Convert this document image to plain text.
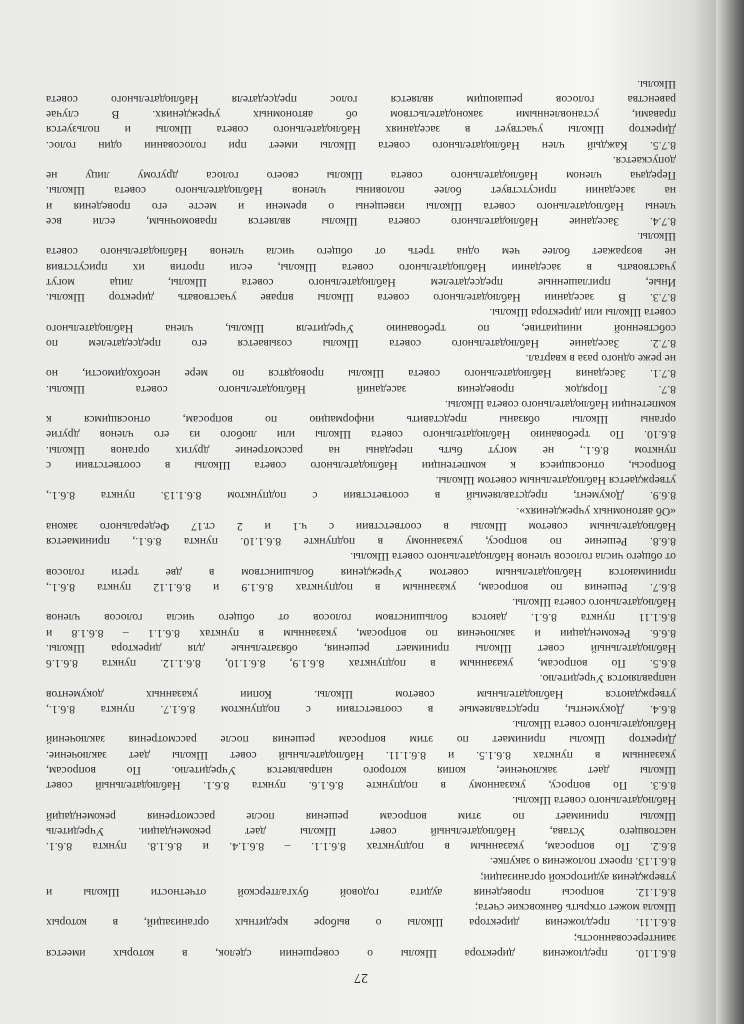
27
8.6.1.10. предложения директора Школы о совершении сделок, в которых имеется
заинтересованность;
8.6.1.11. предложения директора Школы о выборе кредитных организаций, в которых
Школа может открыть банковские счета;
8.6.1.12. вопросы проведения аудита годовой бухгалтерской отчетности Школы и
утверждения аудиторской организации;
8.6.1.13. проект положения о закупке.
8.6.2. По вопросам, указанным в подпунктах 8.6.1.1. – 8.6.1.4. и 8.6.1.8. пункта 8.6.1.
настоящего Устава, Наблюдательный совет Школы дает рекомендации. Учредитель
Школы принимает по этим вопросам решения после рассмотрения рекомендаций
Наблюдательного совета Школы.
8.6.3. По вопросу, указанному в подпункте 8.6.1.6. пункта 8.6.1. Наблюдательный совет
Школы дает заключение, копия которого направляется Учредителю. По вопросам,
указанным в пунктах 8.6.1.5. и 8.6.1.11. Наблюдательный совет Школы дает заключение.
Директор Школы принимает по этим вопросам решения после рассмотрения заключений
Наблюдательного совета Школы.
8.6.4. Документы, представляемые в соответствии с подпунктом 8.6.1.7. пункта 8.6.1.,
утверждаются Наблюдательным советом Школы. Копии указанных документов
направляются Учредителю.
8.6.5. По вопросам, указанным в подпунктах 8.6.1.9, 8.6.1.10, 8.6.1.12. пункта 8.6.1.6
Наблюдательный совет Школы принимает решения, обязательные для директора Школы.
8.6.6. Рекомендации и заключения по вопросам, указанным в пунктах 8.6.1.1 – 8.6.1.8 и
8.6.1.11 пункта 8.6.1. даются большинством голосов от общего числа голосов членов
Наблюдательного совета Школы.
8.6.7. Решения по вопросам, указанным в подпунктах 8.6.1.9 и 8.6.1.12 пункта 8.6.1.,
принимаются Наблюдательным советом Учреждения большинством в две трети голосов
от общего числа голосов членов Наблюдательного совета Школы.
8.6.8. Решение по вопросу, указанному в подпункте 8.6.1.10. пункта 8.6.1., принимается
Наблюдательным советом Школы в соответствии с ч.1 и 2 ст.17 Федерального закона
«Об автономных учреждениях».
8.6.9. Документ, представляемый в соответствии с подпунктом 8.6.1.13. пункта 8.6.1.,
утверждается Наблюдательным советом Школы.
Вопросы, относящиеся к компетенции Наблюдательного совета Школы в соответствии с
пунктом 8.6.1., не могут быть переданы на рассмотрение других органов Школы.
8.6.10. По требованию Наблюдательного совета Школы или любого из его членов другие
органы Школы обязаны представить информацию по вопросам, относящимся к
компетенции Наблюдательного совета Школы.
8.7. Порядок проведения заседаний Наблюдательного совета Школы.
8.7.1. Заседания Наблюдательного совета Школы проводятся по мере необходимости, но
не реже одного раза в квартал.
8.7.2. Заседание Наблюдательного совета Школы созывается его председателем по
собственной инициативе, по требованию Учредителя Школы, члена Наблюдательного
совета Школы или директора Школы.
8.7.3. В заседании Наблюдательного совета Школы вправе участвовать директор Школы.
Иные, приглашенные председателем Наблюдательного совета Школы, лица могут
участвовать в заседании Наблюдательного совета Школы, если против их присутствия
не возражает более чем одна треть от общего числа членов Наблюдательного совета
Школы.
8.7.4. Заседание Наблюдательного совета Школы является правомочным, если все
члены Наблюдательного совета Школы извещены о времени и месте его проведения и
на заседании присутствует более половины членов Наблюдательного совета Школы.
Передача членом Наблюдательного совета Школы своего голоса другому лицу не
допускается.
8.7.5. Каждый член Наблюдательного совета Школы имеет при голосовании один голос.
Директор Школы участвует в заседаниях Наблюдательного совета Школы и пользуется
правами, установленными законодательством об автономных учреждениях. В случае
равенства голосов решающим является голос председателя Наблюдательного совета
Школы.
